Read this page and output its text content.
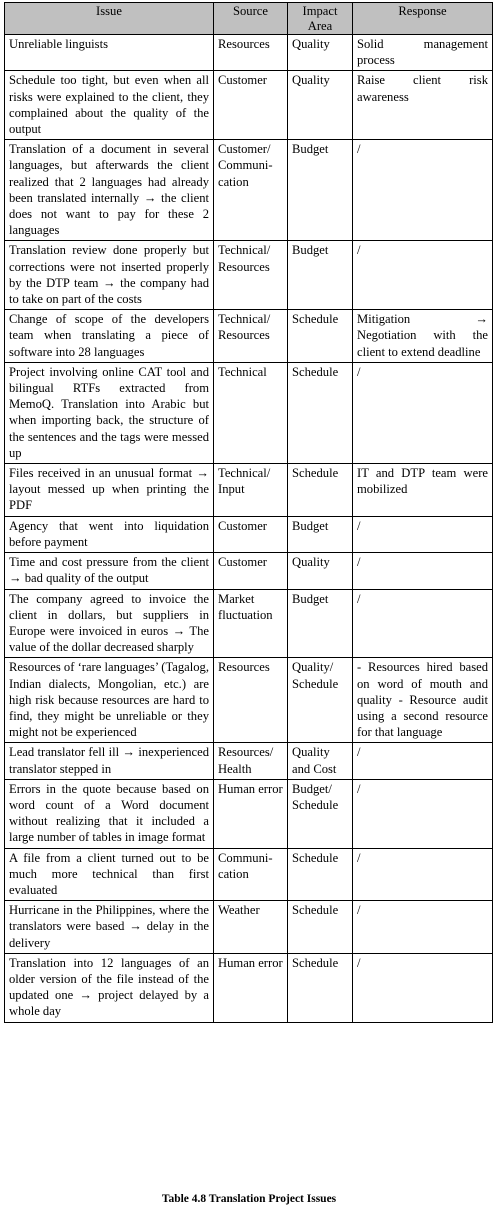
Issue	Source	Impact Area	Response
Unreliable linguists	Resources	Quality	Solid management process
Schedule too tight, but even when all risks were explained to the client, they complained about the quality of the output	Customer	Quality	Raise client risk awareness
Translation of a document in several languages, but afterwards the client realized that 2 languages had already been translated internally → the client does not want to pay for these 2 languages	Customer/ Communi-cation	Budget	/
Translation review done properly but corrections were not inserted properly by the DTP team → the company had to take on part of the costs	Technical/ Resources	Budget	/
Change of scope of the developers team when translating a piece of software into 28 languages	Technical/ Resources	Schedule	Mitigation → Negotiation with the client to extend deadline
Project involving online CAT tool and bilingual RTFs extracted from MemoQ. Translation into Arabic but when importing back, the structure of the sentences and the tags were messed up	Technical	Schedule	/
Files received in an unusual format → layout messed up when printing the PDF	Technical/ Input	Schedule	IT and DTP team were mobilized
Agency that went into liquidation before payment	Customer	Budget	/
Time and cost pressure from the client → bad quality of the output	Customer	Quality	/
The company agreed to invoice the client in dollars, but suppliers in Europe were invoiced in euros → The value of the dollar decreased sharply	Market fluctuation	Budget	/
Resources of ‘rare languages’ (Tagalog, Indian dialects, Mongolian, etc.) are high risk because resources are hard to find, they might be unreliable or they might not be experienced	Resources	Quality/ Schedule	- Resources hired based on word of mouth and quality - Resource audit using a second resource for that language
Lead translator fell ill → inexperienced translator stepped in	Resources/ Health	Quality and Cost	/
Errors in the quote because based on word count of a Word document without realizing that it included a large number of tables in image format	Human error	Budget/ Schedule	/
A file from a client turned out to be much more technical than first evaluated	Communi-cation	Schedule	/
Hurricane in the Philippines, where the translators were based → delay in the delivery	Weather	Schedule	/
Translation into 12 languages of an older version of the file instead of the updated one → project delayed by a whole day	Human error	Schedule	/
Table 4.8 Translation Project Issues
